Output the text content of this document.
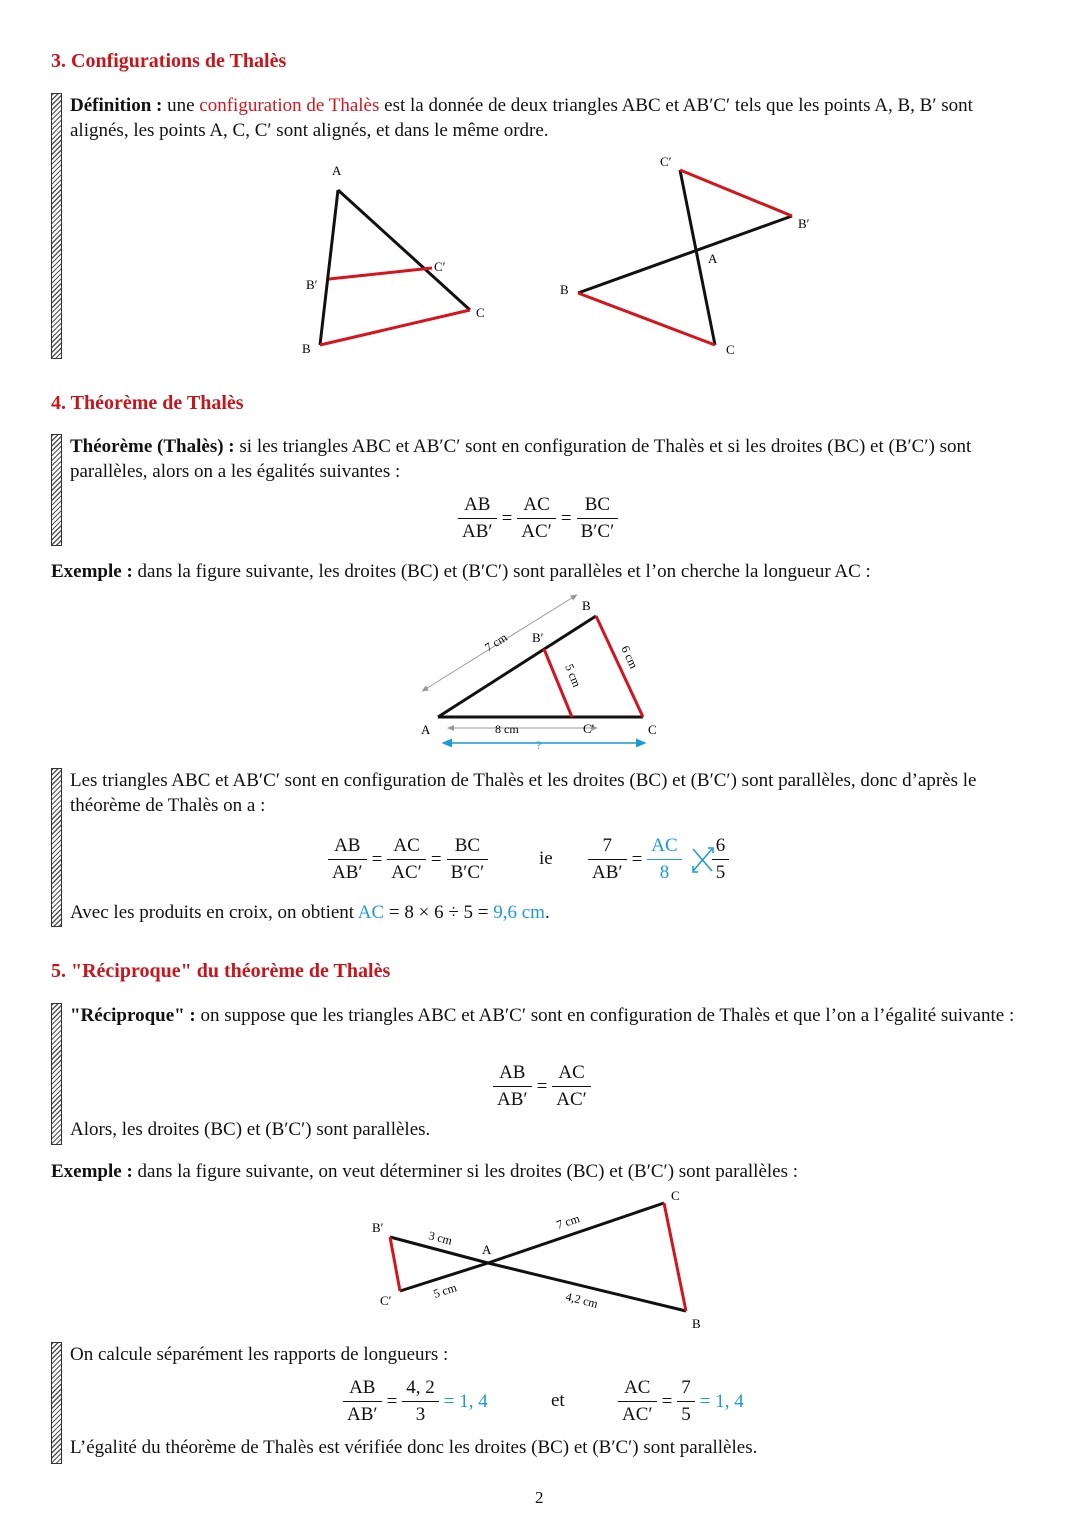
3. Configurations de Thalès
Définition : une configuration de Thalès est la donnée de deux triangles ABC et AB′C′ tels que les points A, B, B′ sont alignés, les points A, C, C′ sont alignés, et dans le même ordre.
A
B
C
B′
C′
C′
B′
A
B
C
4. Théorème de Thalès
Théorème (Thalès) : si les triangles ABC et AB′C′ sont en configuration de Thalès et si les droites (BC) et (B′C′) sont parallèles, alors on a les égalités suivantes :
$\frac{AB}{AB'} = \frac{AC}{AC'} = \frac{BC}{B'C'}$
Exemple : dans la figure suivante, les droites (BC) et (B′C′) sont parallèles et l’on cherche la longueur AC :
B
B′
A	C
C′
8 cm
?
7 cm
5 cm
6 cm
Les triangles ABC et AB′C′ sont en configuration de Thalès et les droites (BC) et (B′C′) sont parallèles, donc d’après le théorème de Thalès on a :
$\frac{AB}{AB'} = \frac{AC}{AC'} = \frac{BC}{B'C'}$	ie $\frac{7}{AB'} = \frac{AC}{8} \frac{6}{5}$
Avec les produits en croix, on obtient AC = 8 × 6 ÷ 5 = 9,6 cm.
5. "Réciproque" du théorème de Thalès
"Réciproque" : on suppose que les triangles ABC et AB′C′ sont en configuration de Thalès et que l’on a l’égalité suivante :
$\frac{AB}{AB'} = \frac{AC}{AC'}$
Alors, les droites (BC) et (B′C′) sont parallèles.
Exemple : dans la figure suivante, on veut déterminer si les droites (BC) et (B′C′) sont parallèles :
B′
C′
A
C
B
3 cm
7 cm
5 cm	4,2 cm
On calcule séparément les rapports de longueurs :
$\frac{AB}{AB'} = \frac{4, 2}{3} = 1$, 4	et	$\frac{AC}{AC'} = \frac{7}{5} = 1$, 4
L’égalité du théorème de Thalès est vérifiée donc les droites (BC) et (B′C′) sont parallèles.
2
